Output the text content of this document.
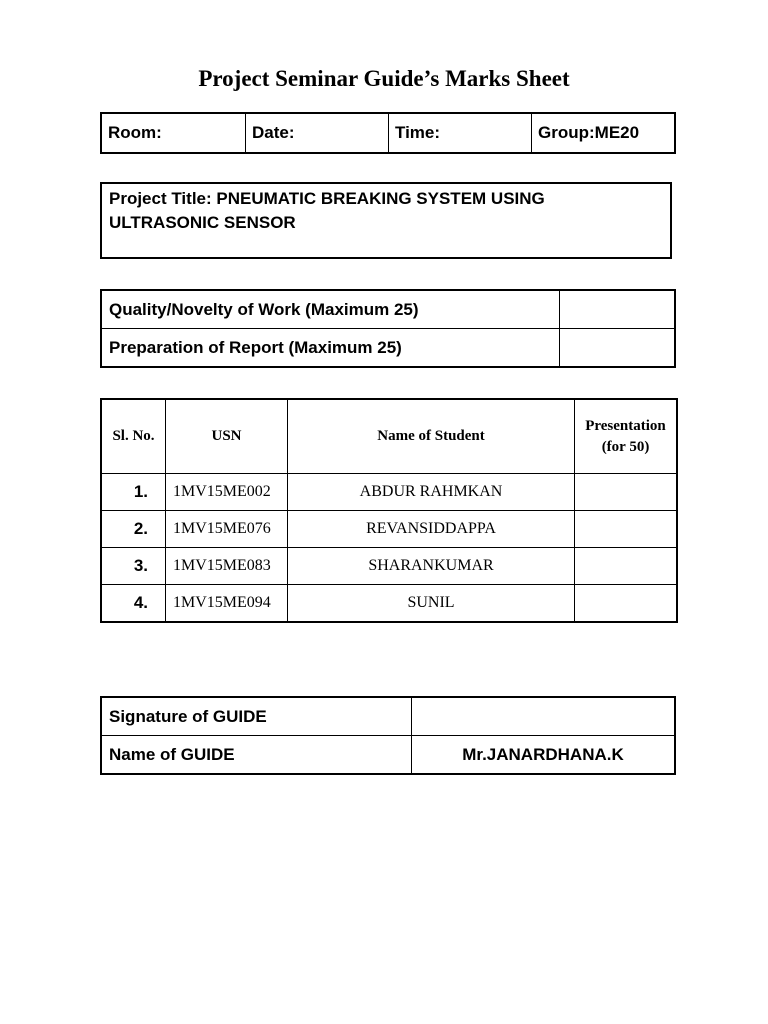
Project Seminar Guide’s Marks Sheet
Room:	Date:	Time:	Group:ME20
Project Title: PNEUMATIC BREAKING SYSTEM USING
ULTRASONIC SENSOR
Quality/Novelty of Work (Maximum 25)	
Preparation of Report (Maximum 25)	
Sl. No.	USN	Name of Student	Presentation
(for 50)

1.	1MV15ME002	ABDUR RAHMKAN	
2.	1MV15ME076	REVANSIDDAPPA	
3.	1MV15ME083	SHARANKUMAR	
4.	1MV15ME094	SUNIL	
Signature of GUIDE	
Name of GUIDE	Mr.JANARDHANA.K
